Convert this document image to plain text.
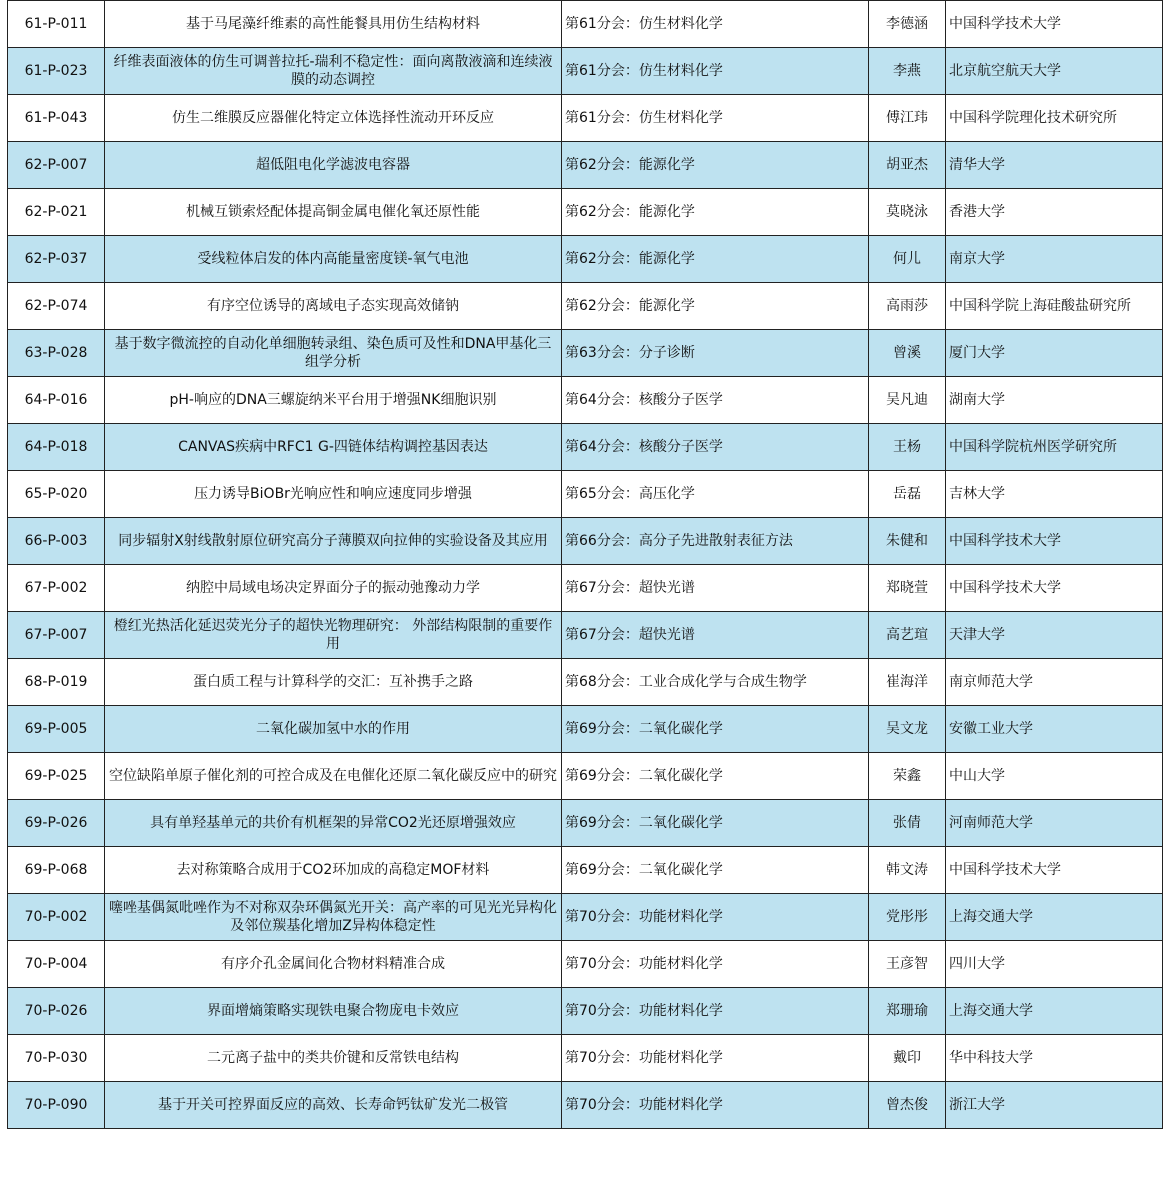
61-P-011	基于马尾藻纤维素的高性能餐具用仿生结构材料	第61分会：仿生材料化学	李德涵	中国科学技术大学
61-P-023	纤维表面液体的仿生可调普拉托-瑞利不稳定性：面向离散液滴和连续液膜的动态调控	第61分会：仿生材料化学	李燕	北京航空航天大学
61-P-043	仿生二维膜反应器催化特定立体选择性流动开环反应	第61分会：仿生材料化学	傅江玮	中国科学院理化技术研究所
62-P-007	超低阻电化学滤波电容器	第62分会：能源化学	胡亚杰	清华大学
62-P-021	机械互锁索烃配体提高铜金属电催化氧还原性能	第62分会：能源化学	莫晓泳	香港大学
62-P-037	受线粒体启发的体内高能量密度镁-氧气电池	第62分会：能源化学	何儿	南京大学
62-P-074	有序空位诱导的离域电子态实现高效储钠	第62分会：能源化学	高雨莎	中国科学院上海硅酸盐研究所
63-P-028	基于数字微流控的自动化单细胞转录组、染色质可及性和DNA甲基化三组学分析	第63分会：分子诊断	曾溪	厦门大学
64-P-016	pH-响应的DNA三螺旋纳米平台用于增强NK细胞识别	第64分会：核酸分子医学	吴凡迪	湖南大学
64-P-018	CANVAS疾病中RFC1 G-四链体结构调控基因表达	第64分会：核酸分子医学	王杨	中国科学院杭州医学研究所
65-P-020	压力诱导BiOBr光响应性和响应速度同步增强	第65分会：高压化学	岳磊	吉林大学
66-P-003	同步辐射X射线散射原位研究高分子薄膜双向拉伸的实验设备及其应用	第66分会：高分子先进散射表征方法	朱健和	中国科学技术大学
67-P-002	纳腔中局域电场决定界面分子的振动弛豫动力学	第67分会：超快光谱	郑晓萱	中国科学技术大学
67-P-007	橙红光热活化延迟荧光分子的超快光物理研究： 外部结构限制的重要作用	第67分会：超快光谱	高艺瑄	天津大学
68-P-019	蛋白质工程与计算科学的交汇：互补携手之路	第68分会：工业合成化学与合成生物学	崔海洋	南京师范大学
69-P-005	二氧化碳加氢中水的作用	第69分会：二氧化碳化学	吴文龙	安徽工业大学
69-P-025	空位缺陷单原子催化剂的可控合成及在电催化还原二氧化碳反应中的研究	第69分会：二氧化碳化学	荣鑫	中山大学
69-P-026	具有单羟基单元的共价有机框架的异常CO2光还原增强效应	第69分会：二氧化碳化学	张倩	河南师范大学
69-P-068	去对称策略合成用于CO2环加成的高稳定MOF材料	第69分会：二氧化碳化学	韩文涛	中国科学技术大学
70-P-002	噻唑基偶氮吡唑作为不对称双杂环偶氮光开关：高产率的可见光光异构化及邻位羰基化增加Z异构体稳定性	第70分会：功能材料化学	党彤彤	上海交通大学
70-P-004	有序介孔金属间化合物材料精准合成	第70分会：功能材料化学	王彦智	四川大学
70-P-026	界面增熵策略实现铁电聚合物庞电卡效应	第70分会：功能材料化学	郑珊瑜	上海交通大学
70-P-030	二元离子盐中的类共价键和反常铁电结构	第70分会：功能材料化学	戴印	华中科技大学
70-P-090	基于开关可控界面反应的高效、长寿命钙钛矿发光二极管	第70分会：功能材料化学	曾杰俊	浙江大学
